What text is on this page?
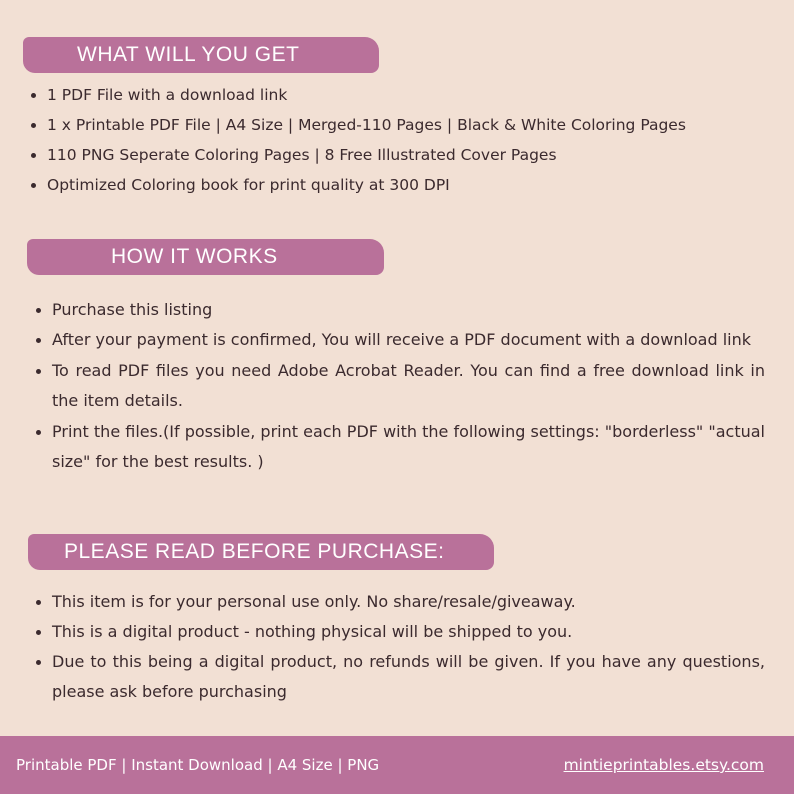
WHAT WILL YOU GET
1 PDF File with a download link
1 x Printable PDF File | A4 Size | Merged-110 Pages | Black & White Coloring Pages
110 PNG Seperate Coloring Pages | 8 Free Illustrated Cover Pages
Optimized Coloring book for print quality at 300 DPI
HOW IT WORKS
Purchase this listing
After your payment is confirmed, You will receive a PDF document with a download link
To read PDF files you need Adobe Acrobat Reader. You can find a free download link in the item details.
Print the files.(If possible, print each PDF with the following settings: "borderless" "actual size" for the best results. )
PLEASE READ BEFORE PURCHASE:
This item is for your personal use only. No share/resale/giveaway.
This is a digital product - nothing physical will be shipped to you.
Due to this being a digital product, no refunds will be given. If you have any questions, please ask before purchasing
Printable PDF | Instant Download | A4 Size | PNG	mintieprintables.etsy.com
